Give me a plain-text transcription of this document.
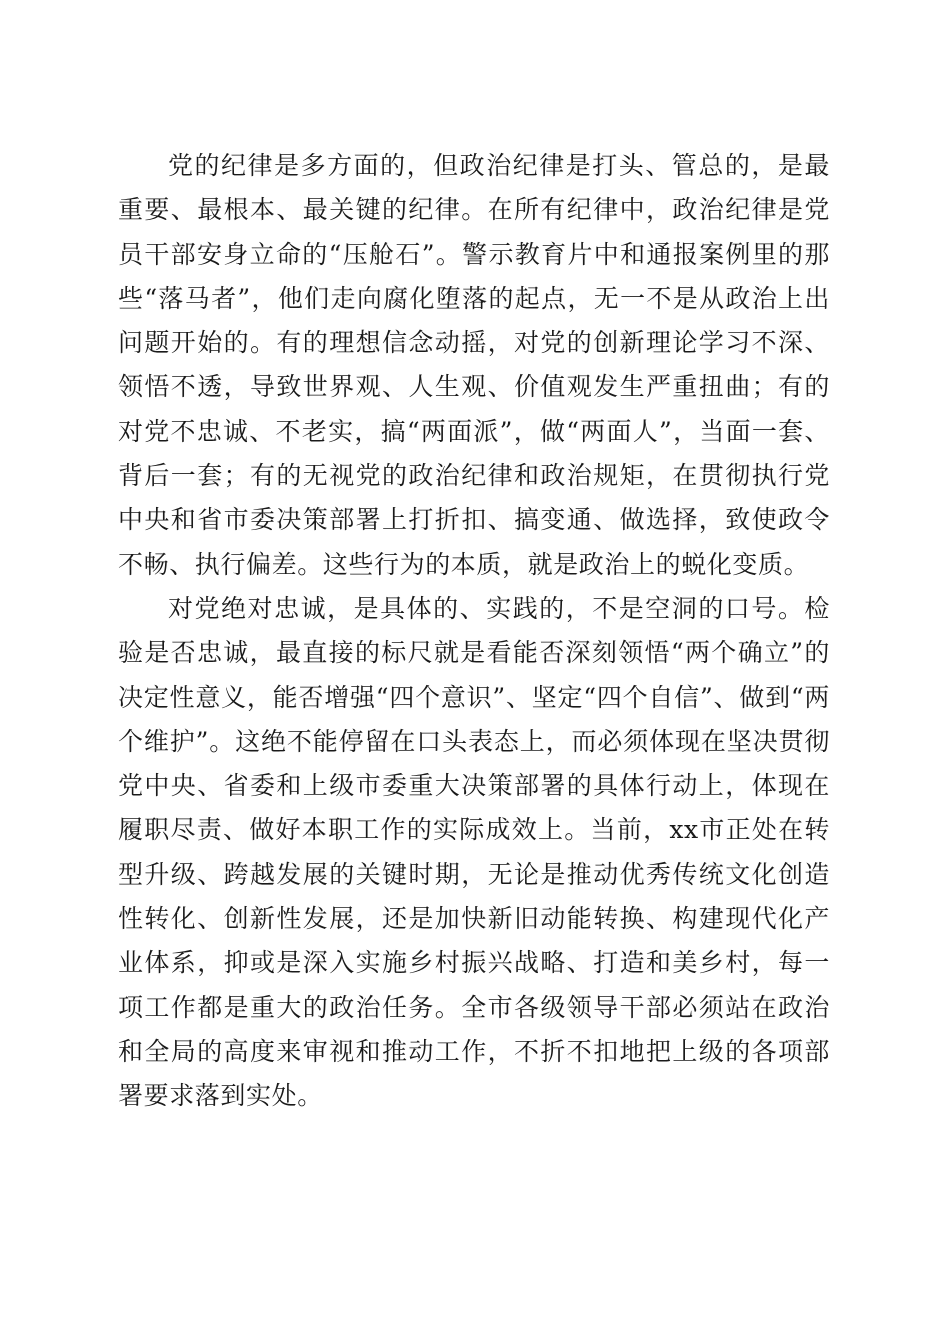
党的纪律是多方面的，但政治纪律是打头、管总的，是最重要、最根本、最关键的纪律。在所有纪律中，政治纪律是党员干部安身立命的“压舱石”。警示教育片中和通报案例里的那些“落马者”，他们走向腐化堕落的起点，无一不是从政治上出问题开始的。有的理想信念动摇，对党的创新理论学习不深、领悟不透，导致世界观、人生观、价值观发生严重扭曲；有的对党不忠诚、不老实，搞“两面派”，做“两面人”，当面一套、背后一套；有的无视党的政治纪律和政治规矩，在贯彻执行党中央和省市委决策部署上打折扣、搞变通、做选择，致使政令不畅、执行偏差。这些行为的本质，就是政治上的蜕化变质。

对党绝对忠诚，是具体的、实践的，不是空洞的口号。检验是否忠诚，最直接的标尺就是看能否深刻领悟“两个确立”的决定性意义，能否增强“四个意识”、坚定“四个自信”、做到“两个维护”。这绝不能停留在口头表态上，而必须体现在坚决贯彻党中央、省委和上级市委重大决策部署的具体行动上，体现在履职尽责、做好本职工作的实际成效上。当前，xx市正处在转型升级、跨越发展的关键时期，无论是推动优秀传统文化创造性转化、创新性发展，还是加快新旧动能转换、构建现代化产业体系，抑或是深入实施乡村振兴战略、打造和美乡村，每一项工作都是重大的政治任务。全市各级领导干部必须站在政治和全局的高度来审视和推动工作，不折不扣地把上级的各项部署要求落到实处。
